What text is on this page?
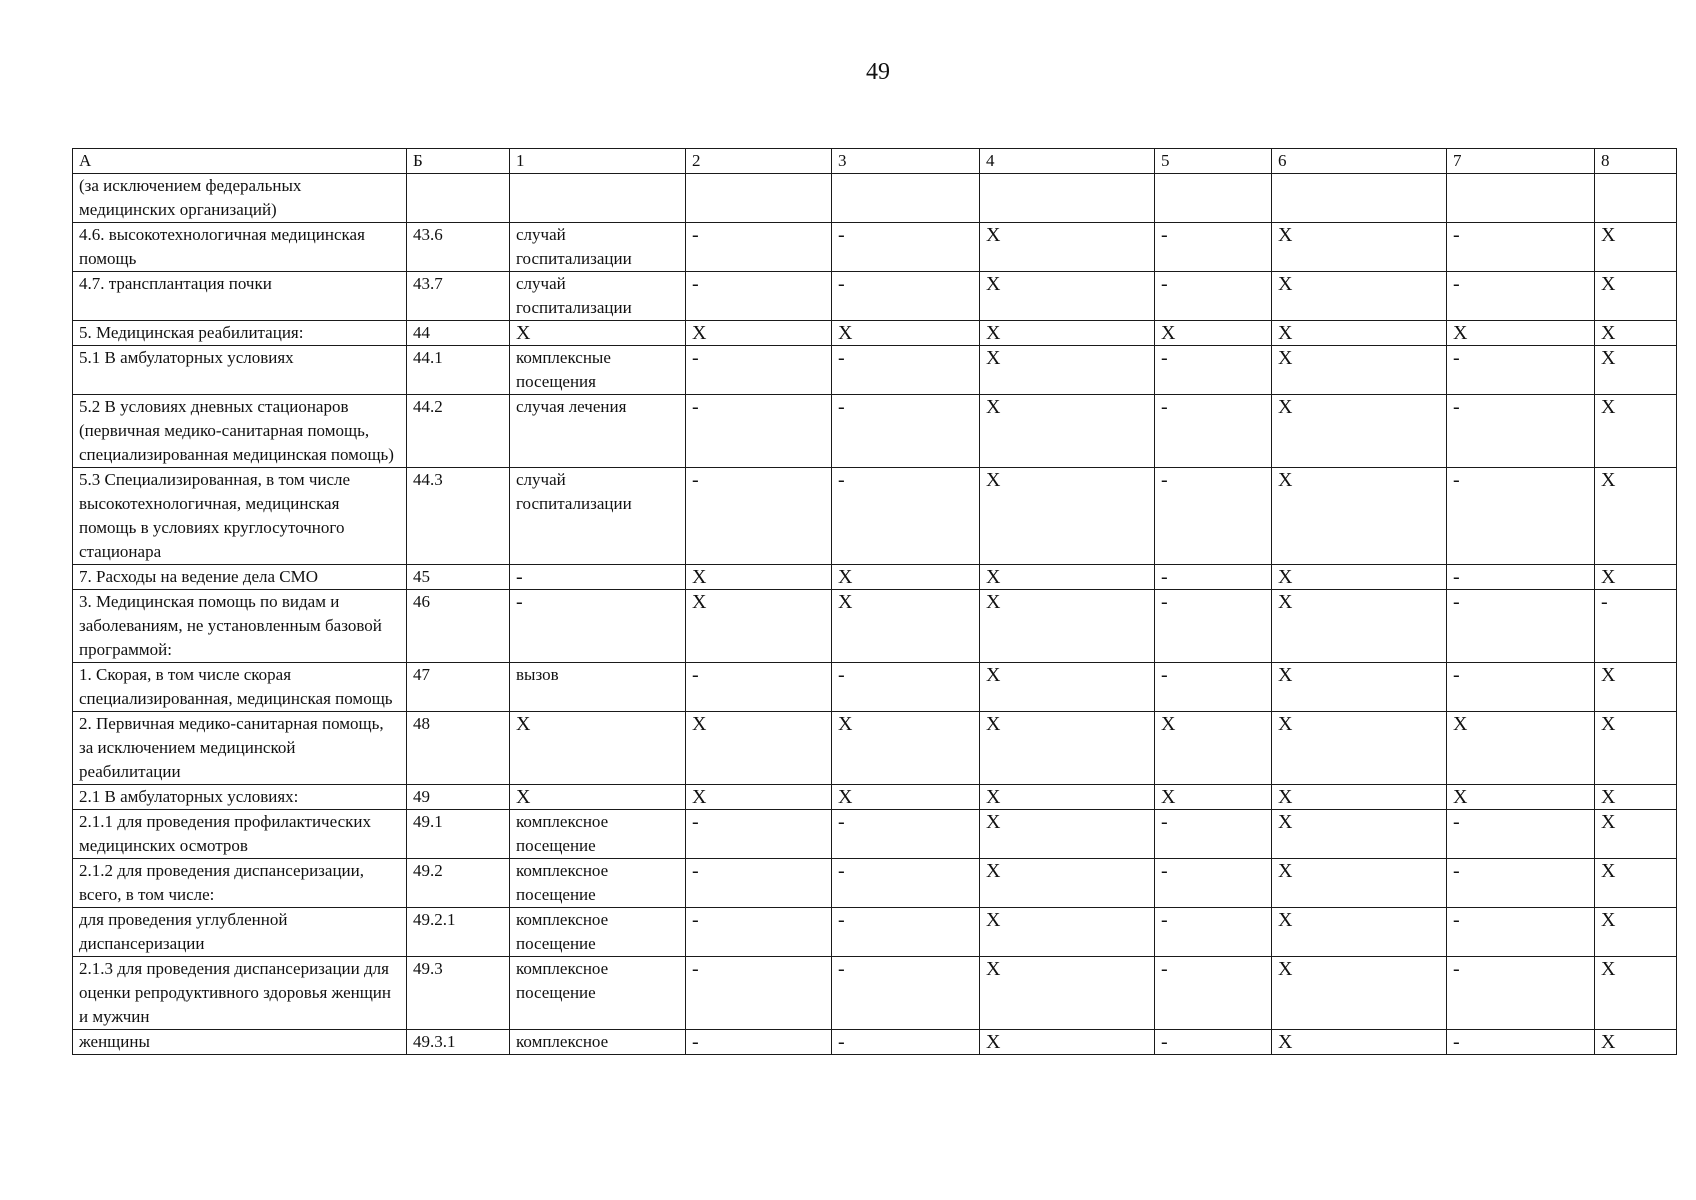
49
А	Б	1	2	3	4	5	6	7	8
(за исключением федеральных медицинских организаций)									
4.6. высокотехнологичная медицинская помощь	43.6	случай госпитализации	-	-	X	-	X	-	X
4.7. трансплантация почки	43.7	случай госпитализации	-	-	X	-	X	-	X
5. Медицинская реабилитация:	44	X	X	X	X	X	X	X	X
5.1 В амбулаторных условиях	44.1	комплексные посещения	-	-	X	-	X	-	X
5.2 В условиях дневных стационаров (первичная медико-санитарная помощь, специализированная медицинская помощь)	44.2	случая лечения	-	-	X	-	X	-	X
5.3 Специализированная, в том числе высокотехнологичная, медицинская помощь в условиях круглосуточного стационара	44.3	случай госпитализации	-	-	X	-	X	-	X
7. Расходы на ведение дела СМО	45	-	X	X	X	-	X	-	X
3. Медицинская помощь по видам и заболеваниям, не установленным базовой программой:	46	-	X	X	X	-	X	-	-
1. Скорая, в том числе скорая специализированная, медицинская помощь	47	вызов	-	-	X	-	X	-	X
2. Первичная медико-санитарная помощь, за исключением медицинской реабилитации	48	X	X	X	X	X	X	X	X
2.1 В амбулаторных условиях:	49	X	X	X	X	X	X	X	X
2.1.1 для проведения профилактических медицинских осмотров	49.1	комплексное посещение	-	-	X	-	X	-	X
2.1.2 для проведения диспансеризации, всего, в том числе:	49.2	комплексное посещение	-	-	X	-	X	-	X
для проведения углубленной диспансеризации	49.2.1	комплексное посещение	-	-	X	-	X	-	X
2.1.3 для проведения диспансеризации для оценки репродуктивного здоровья женщин и мужчин	49.3	комплексное посещение	-	-	X	-	X	-	X
женщины	49.3.1	комплексное	-	-	X	-	X	-	X
